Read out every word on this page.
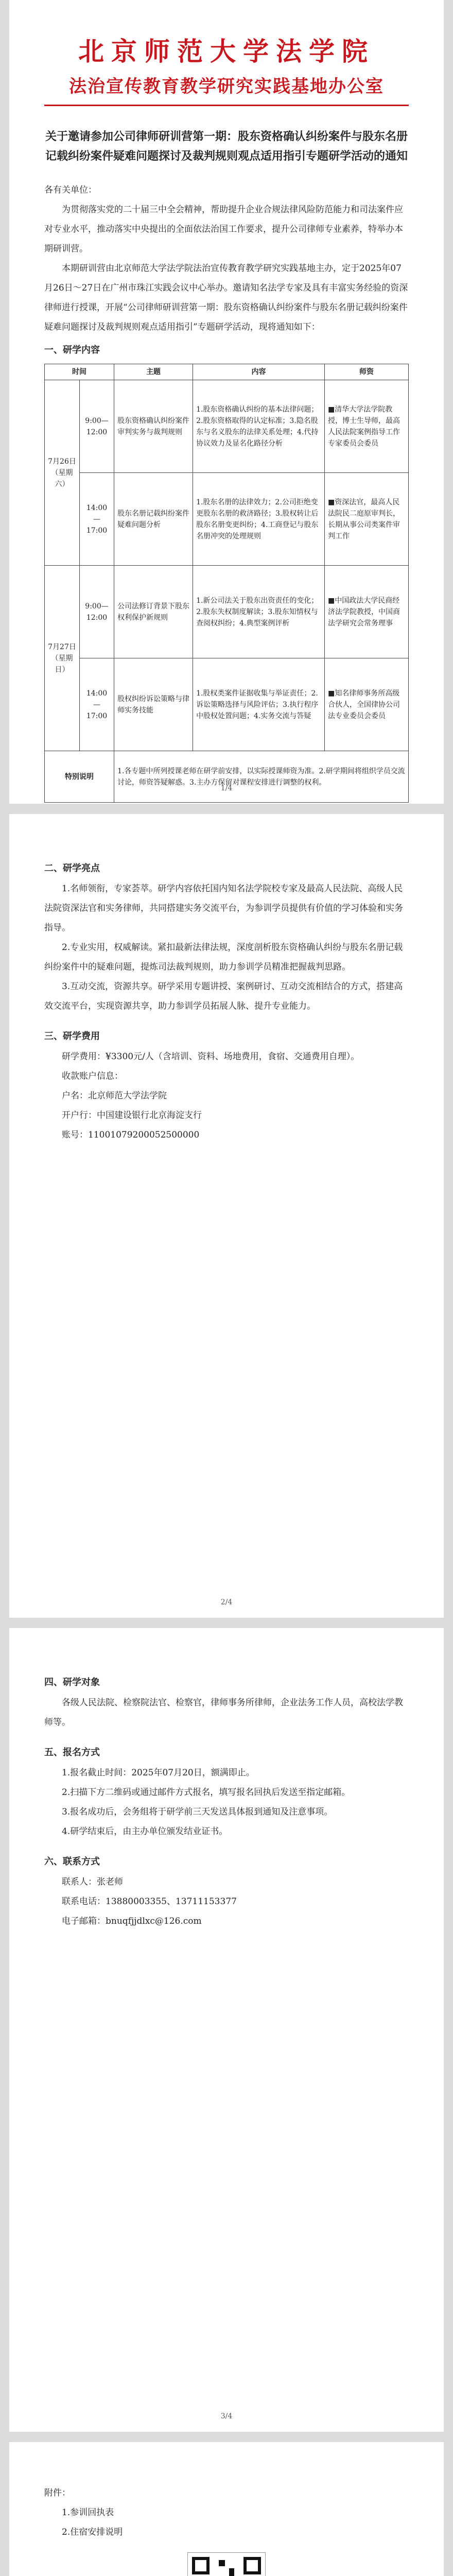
北京师范大学法学院
法治宣传教育教学研究实践基地办公室
关于邀请参加公司律师研训营第一期：股东资格确认纠纷案件与股东名册记载纠纷案件疑难问题探讨及裁判规则观点适用指引专题研学活动的通知

各有关单位：

为贯彻落实党的二十届三中全会精神，帮助提升企业合规法律风险防范能力和司法案件应对专业水平，推动落实中央提出的全面依法治国工作要求，提升公司律师专业素养，特举办本期研训营。

本期研训营由北京师范大学法学院法治宣传教育教学研究实践基地主办，定于2025年07月26日～27日在广州市珠江实践会议中心举办。邀请知名法学专家及具有丰富实务经验的资深律师进行授课，开展“公司律师研训营第一期：股东资格确认纠纷案件与股东名册记载纠纷案件疑难问题探讨及裁判规则观点适用指引”专题研学活动，现将通知如下：

一、研学内容

时间		主题	内容	师资
7月26日（星期六）	9:00—12:00	股东资格确认纠纷案件审判实务与裁判规则	1.股东资格确认纠纷的基本法律问题；2.股东资格取得的认定标准；3.隐名股东与名义股东的法律关系处理；4.代持协议效力及显名化路径分析	■清华大学法学院教授，博士生导师，最高人民法院案例指导工作专家委员会委员
	14:00—17:00	股东名册记载纠纷案件疑难问题分析	1.股东名册的法律效力；2.公司拒绝变更股东名册的救济路径；3.股权转让后股东名册变更纠纷；4.工商登记与股东名册冲突的处理规则	■资深法官，最高人民法院民二庭原审判长，长期从事公司类案件审判工作
7月27日（星期日）	9:00—12:00	公司法修订背景下股东权利保护新规则	1.新公司法关于股东出资责任的变化；2.股东失权制度解读；3.股东知情权与查阅权纠纷；4.典型案例评析	■中国政法大学民商经济法学院教授，中国商法学研究会常务理事
	14:00—17:00	股权纠纷诉讼策略与律师实务技能	1.股权类案件证据收集与举证责任；2.诉讼策略选择与风险评估；3.执行程序中股权处置问题；4.实务交流与答疑	■知名律师事务所高级合伙人，全国律协公司法专业委员会委员
特别说明		1.各专题中所列授课老师在研学前安排，以实际授课师资为准。2.研学期间将组织学员交流讨论，师资答疑解惑。3.主办方保留对课程安排进行调整的权利。		
1/4

二、研学亮点

1.名师领衔，专家荟萃。研学内容依托国内知名法学院校专家及最高人民法院、高级人民法院资深法官和实务律师，共同搭建实务交流平台，为参训学员提供有价值的学习体验和实务指导。

2.专业实用，权威解读。紧扣最新法律法规，深度剖析股东资格确认纠纷与股东名册记载纠纷案件中的疑难问题，提炼司法裁判规则，助力参训学员精准把握裁判思路。

3.互动交流，资源共享。研学采用专题讲授、案例研讨、互动交流相结合的方式，搭建高效交流平台，实现资源共享，助力参训学员拓展人脉、提升专业能力。

三、研学费用

研学费用：¥3300元/人（含培训、资料、场地费用，食宿、交通费用自理）。

收款账户信息：

户名：北京师范大学法学院

开户行：中国建设银行北京海淀支行

账号：11001079200052500000

2/4

四、研学对象

各级人民法院、检察院法官、检察官，律师事务所律师，企业法务工作人员，高校法学教师等。

五、报名方式

1.报名截止时间：2025年07月20日，额满即止。

2.扫描下方二维码或通过邮件方式报名，填写报名回执后发送至指定邮箱。

3.报名成功后，会务组将于研学前三天发送具体报到通知及注意事项。

4.研学结束后，由主办单位颁发结业证书。

六、联系方式

联系人：张老师

联系电话：13880003355、13711153377

电子邮箱：bnuqfjjdlxc@126.com

3/4

附件：

1.参训回执表

2.住宿安排说明
